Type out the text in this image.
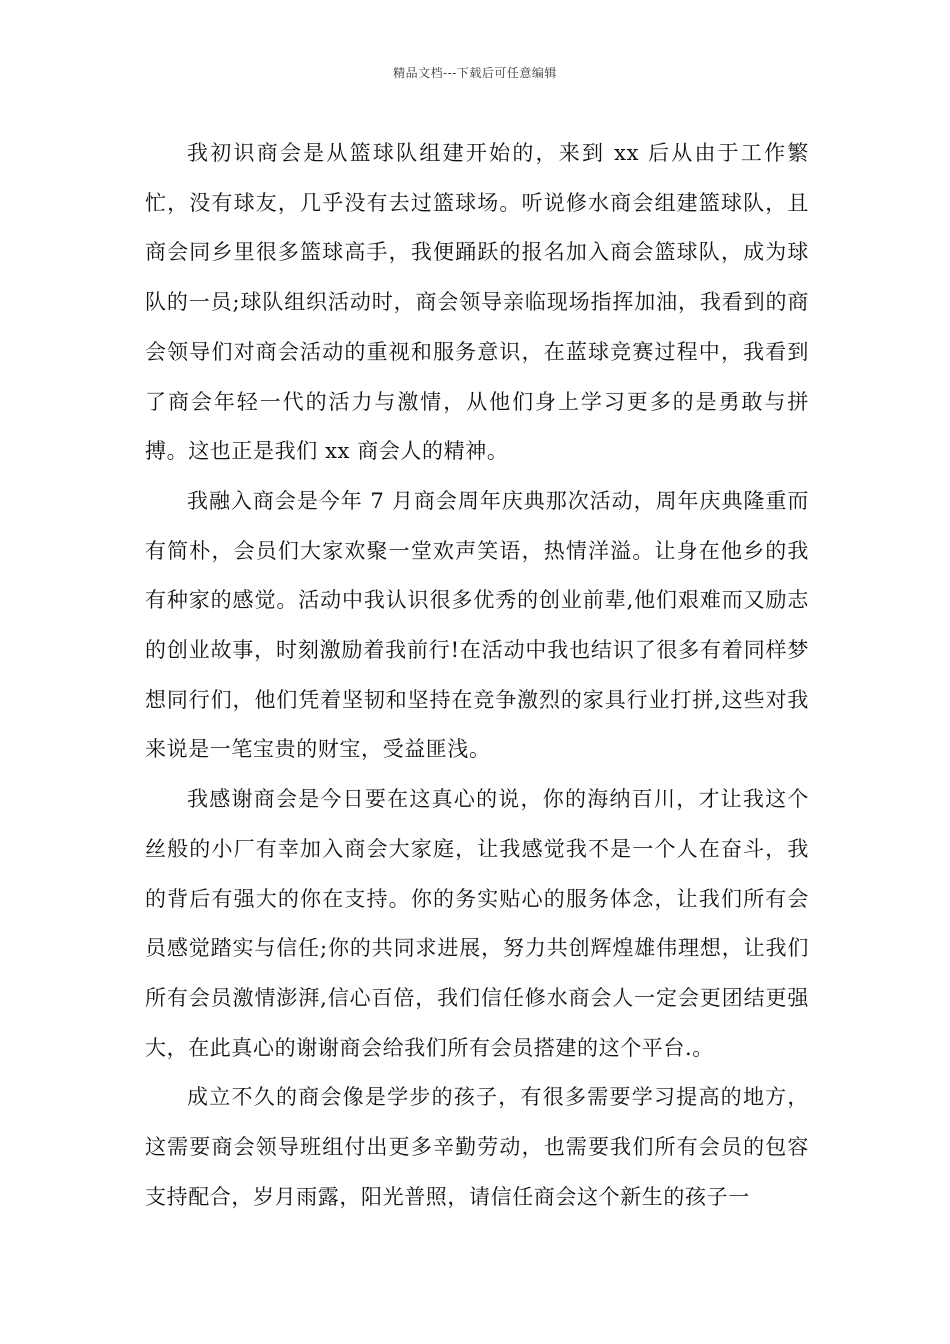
精品文档---下载后可任意编辑

我初识商会是从篮球队组建开始的，来到 xx 后从由于工作繁忙，没有球友，几乎没有去过篮球场。听说修水商会组建篮球队，且商会同乡里很多篮球高手，我便踊跃的报名加入商会篮球队，成为球队的一员;球队组织活动时，商会领导亲临现场指挥加油，我看到的商会领导们对商会活动的重视和服务意识，在蓝球竞赛过程中，我看到了商会年轻一代的活力与激情，从他们身上学习更多的是勇敢与拼搏。这也正是我们 xx 商会人的精神。

我融入商会是今年 7 月商会周年庆典那次活动，周年庆典隆重而有简朴，会员们大家欢聚一堂欢声笑语，热情洋溢。让身在他乡的我有种家的感觉。活动中我认识很多优秀的创业前辈,他们艰难而又励志的创业故事，时刻激励着我前行!在活动中我也结识了很多有着同样梦想同行们，他们凭着坚韧和坚持在竞争激烈的家具行业打拼,这些对我来说是一笔宝贵的财宝，受益匪浅。

我感谢商会是今日要在这真心的说，你的海纳百川，才让我这个丝般的小厂有幸加入商会大家庭，让我感觉我不是一个人在奋斗，我的背后有强大的你在支持。你的务实贴心的服务体念，让我们所有会员感觉踏实与信任;你的共同求进展，努力共创辉煌雄伟理想，让我们所有会员激情澎湃,信心百倍，我们信任修水商会人一定会更团结更强大，在此真心的谢谢商会给我们所有会员搭建的这个平台.。

成立不久的商会像是学步的孩子，有很多需要学习提高的地方，这需要商会领导班组付出更多辛勤劳动，也需要我们所有会员的包容支持配合，岁月雨露，阳光普照，请信任商会这个新生的孩子一
